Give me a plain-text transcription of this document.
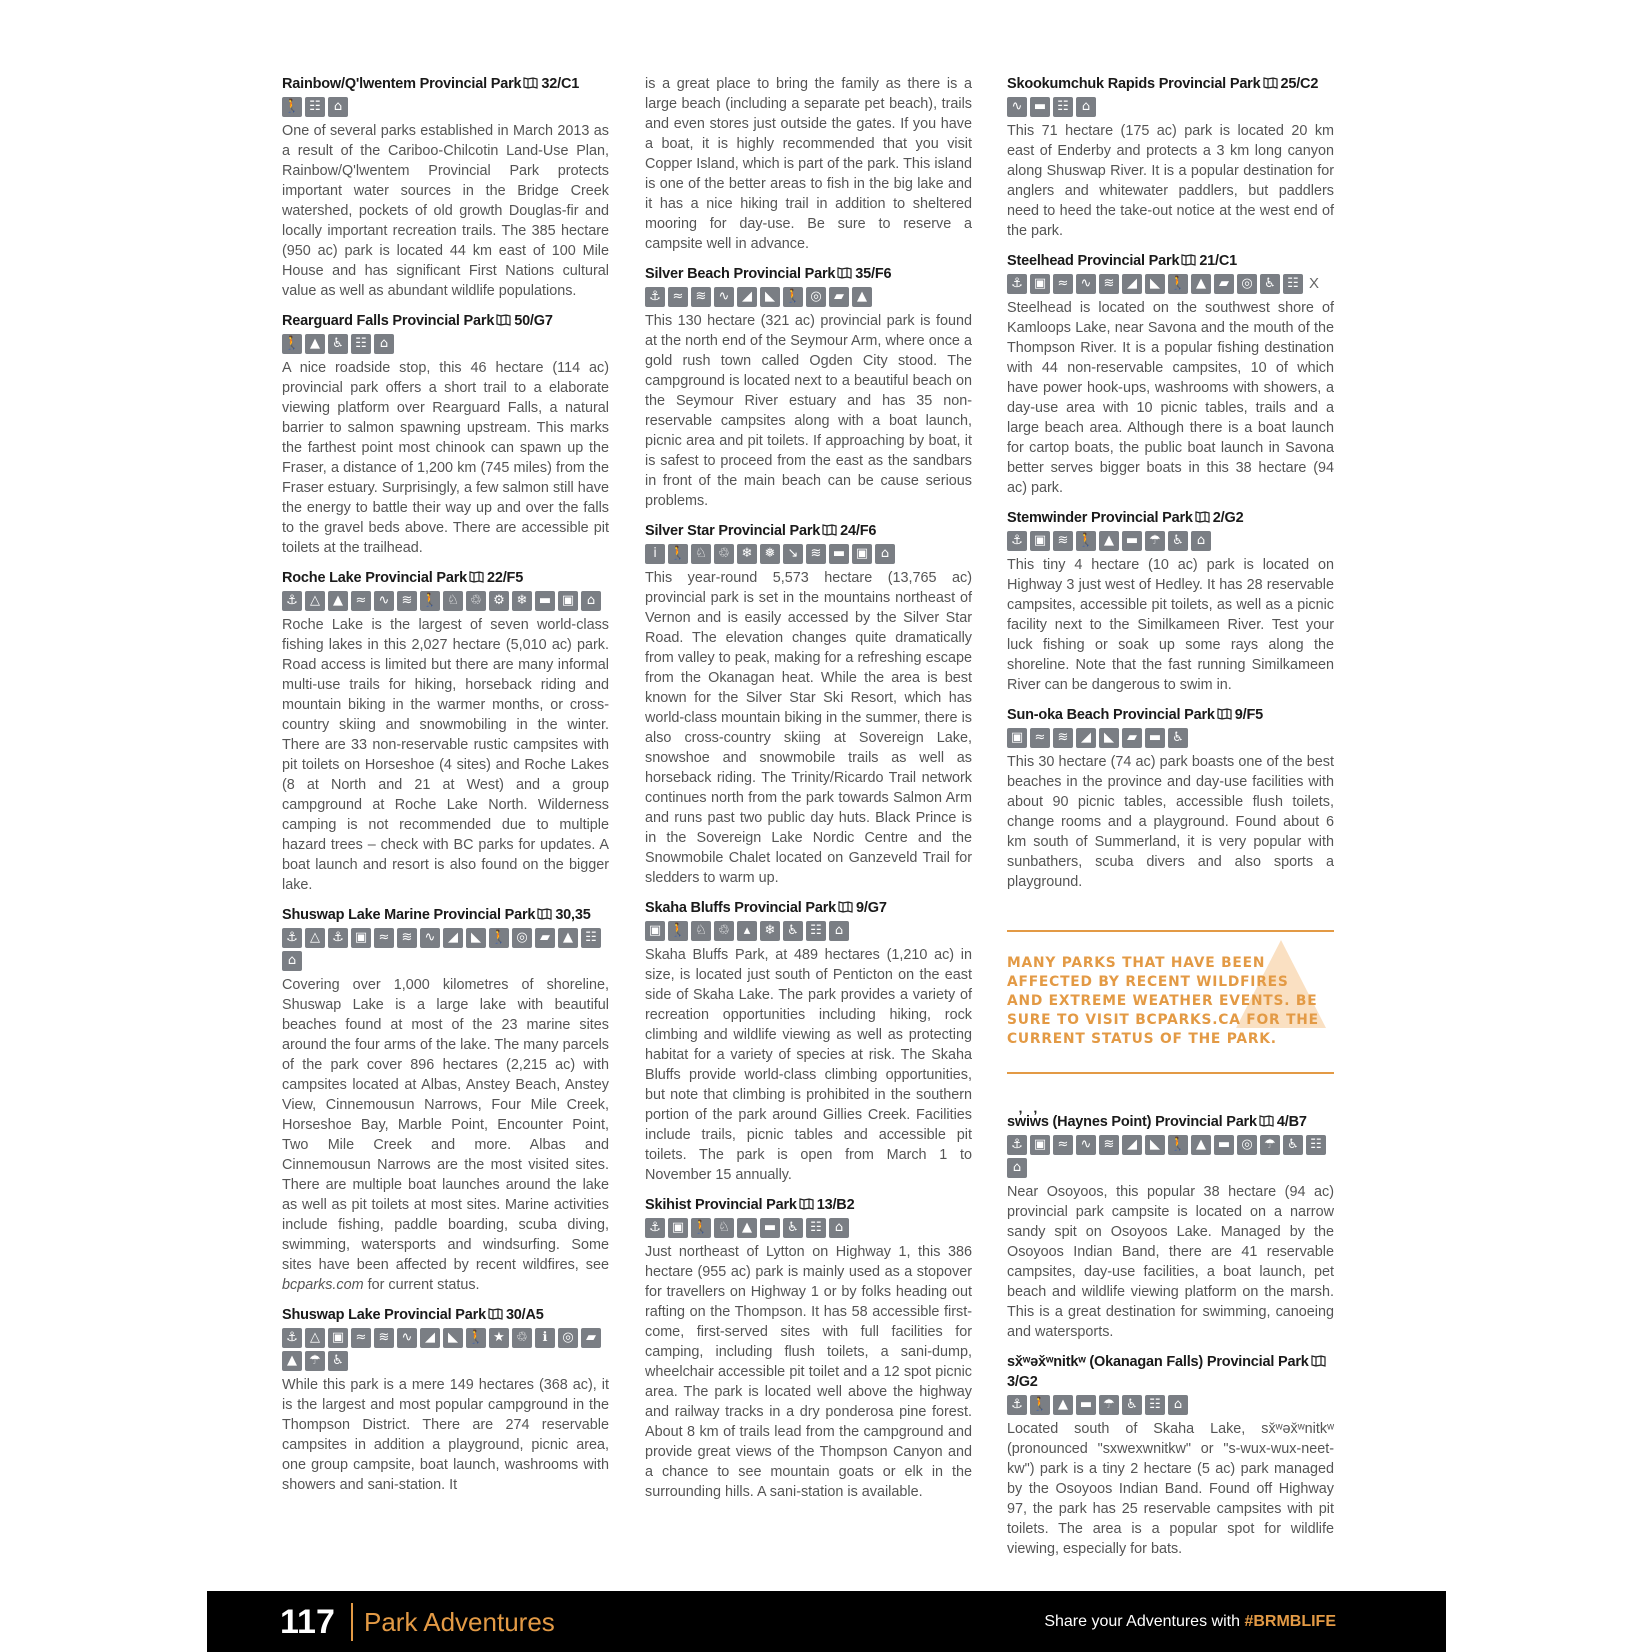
Rainbow/Q'lwentem Provincial Park 32/C1
🚶 ☷	⌂
One of several parks established in March 2013 as a result of the Cariboo-Chilcotin Land-Use Plan, Rainbow/Q'lwentem Provincial Park protects important water sources in the Bridge Creek watershed, pockets of old growth Douglas-fir and locally important recreation trails. The 385 hectare (950 ac) park is located 44 km east of 100 Mile House and has significant First Nations cultural value as well as abundant wildlife populations.
Rearguard Falls Provincial Park 50/G7
🚶 ▲ ♿ ☷	⌂
A nice roadside stop, this 46 hectare (114 ac) provincial park offers a short trail to a elaborate viewing platform over Rearguard Falls, a natural barrier to salmon spawning upstream. This marks the farthest point most chinook can spawn up the Fraser, a distance of 1,200 km (745 miles) from the Fraser estuary. Surprisingly, a few salmon still have the energy to battle their way up and over the falls to the gravel beds above. There are accessible pit toilets at the trailhead.
Roche Lake Provincial Park 22/F5
⚓ △	▲ ≈ ∿ ≋ 🚶 ♘ ♲ ⚙ ❄ ▬ ▣ ⌂
Roche Lake is the largest of seven world-class fishing lakes in this 2,027 hectare (5,010 ac) park. Road access is limited but there are many informal multi-use trails for hiking, horseback riding and mountain biking in the warmer months, or cross-country skiing and snowmobiling in the winter. There are 33 non-reservable rustic campsites with pit toilets on Horseshoe (4 sites) and Roche Lakes (8 at North and 21 at West) and a group campground at Roche Lake North. Wilderness camping is not recommended due to multiple hazard trees – check with BC parks for updates. A boat launch and resort is also found on the bigger lake.
Shuswap Lake Marine Provincial Park 30,35
⚓ △ ⚓ ▣ ≈ ≋ ∿ ◢	◣ 🚶 ◎ ▰	▲ ☷
⌂
Covering over 1,000 kilometres of shoreline, Shuswap Lake is a large lake with beautiful beaches found at most of the 23 marine sites around the four arms of the lake. The many parcels of the park cover 896 hectares (2,215 ac) with campsites located at Albas, Anstey Beach, Anstey View, Cinnemousun Narrows, Four Mile Creek, Horseshoe Bay, Marble Point, Encounter Point, Two Mile Creek and more. Albas and Cinnemousun Narrows are the most visited sites. There are multiple boat launches around the lake as well as pit toilets at most sites. Marine activities include fishing, paddle boarding, scuba diving, swimming, watersports and windsurfing. Some sites have been affected by recent wildfires, see bcparks.com for current status.
Shuswap Lake Provincial Park 30/A5
⚓ △ ▣ ≈ ≋ ∿ ◢	◣ 🚶 ★ ♲	ℹ	◎ ▰
▲ ☂ ♿
While this park is a mere 149 hectares (368 ac), it is the largest and most popular campground in the Thompson District. There are 274 reservable campsites in addition a playground, picnic area, one group campsite, boat launch, washrooms with showers and sani-station. It
is a great place to bring the family as there is a large beach (including a separate pet beach), trails and even stores just outside the gates. If you have a boat, it is highly recommended that you visit Copper Island, which is part of the park. This island is one of the better areas to fish in the big lake and it has a nice hiking trail in addition to sheltered mooring for day-use. Be sure to reserve a campsite well in advance.
Silver Beach Provincial Park 35/F6
⚓ ≈ ≋ ∿ ◢	◣ 🚶 ◎ ▰	▲
This 130 hectare (321 ac) provincial park is found at the north end of the Seymour Arm, where once a gold rush town called Ogden City stood. The campground is located next to a beautiful beach on the Seymour River estuary and has 35 non-reservable campsites along with a boat launch, picnic area and pit toilets. If approaching by boat, it is safest to proceed from the east as the sandbars in front of the main beach can be cause serious problems.
Silver Star Provincial Park 24/F6
i	🚶 ♘ ♲ ❄ ❅ ↘ ≋ ▬ ▣ ⌂
This year-round 5,573 hectare (13,765 ac) provincial park is set in the mountains northeast of Vernon and is easily accessed by the Silver Star Road. The elevation changes quite dramatically from valley to peak, making for a refreshing escape from the Okanagan heat. While the area is best known for the Silver Star Ski Resort, which has world-class mountain biking in the summer, there is also cross-country skiing at Sovereign Lake, snowshoe and snowmobile trails as well as horseback riding. The Trinity/Ricardo Trail network continues north from the park towards Salmon Arm and runs past two public day huts. Black Prince is in the Sovereign Lake Nordic Centre and the Snowmobile Chalet located on Ganzeveld Trail for sledders to warm up.
Skaha Bluffs Provincial Park 9/G7
▣ 🚶 ♘ ♲	▴	❄ ♿ ☷	⌂
Skaha Bluffs Park, at 489 hectares (1,210 ac) in size, is located just south of Penticton on the east side of Skaha Lake. The park provides a variety of recreation opportunities including hiking, rock climbing and wildlife viewing as well as protecting habitat for a variety of species at risk. The Skaha Bluffs provide world-class climbing opportunities, but note that climbing is prohibited in the southern portion of the park around Gillies Creek. Facilities include trails, picnic tables and accessible pit toilets. The park is open from March 1 to November 15 annually.
Skihist Provincial Park 13/B2
⚓ ▣ 🚶 ♘ ▲ ▬ ♿ ☷	⌂
Just northeast of Lytton on Highway 1, this 386 hectare (955 ac) park is mainly used as a stopover for travellers on Highway 1 or by folks heading out rafting on the Thompson. It has 58 accessible first-come, first-served sites with full facilities for camping, including flush toilets, a sani-dump, wheelchair accessible pit toilet and a 12 spot picnic area. The park is located well above the highway and railway tracks in a dry ponderosa pine forest. About 8 km of trails lead from the campground and provide great views of the Thompson Canyon and a chance to see mountain goats or elk in the surrounding hills. A sani-station is available.
Skookumchuk Rapids Provincial Park 25/C2
∿ ▬ ☷	⌂
This 71 hectare (175 ac) park is located 20 km east of Enderby and protects a 3 km long canyon along Shuswap River. It is a popular destination for anglers and whitewater paddlers, but paddlers need to heed the take-out notice at the west end of the park.
Steelhead Provincial Park 21/C1
⚓ ▣ ≈ ∿ ≋ ◢	◣ 🚶 ▲	▰ ◎ ♿ ☷ X
Steelhead is located on the southwest shore of Kamloops Lake, near Savona and the mouth of the Thompson River. It is a popular fishing destination with 44 non-reservable campsites, 10 of which have power hook-ups, washrooms with showers, a day-use area with 10 picnic tables, trails and a large beach area. Although there is a boat launch for cartop boats, the public boat launch in Savona better serves bigger boats in this 38 hectare (94 ac) park.
Stemwinder Provincial Park 2/G2
⚓ ▣ ≋ 🚶 ▲ ▬ ☂ ♿	⌂
This tiny 4 hectare (10 ac) park is located on Highway 3 just west of Hedley. It has 28 reservable campsites, accessible pit toilets, as well as a picnic facility next to the Similkameen River. Test your luck fishing or soak up some rays along the shoreline. Note that the fast running Similkameen River can be dangerous to swim in.
Sun-oka Beach Provincial Park 9/F5
▣ ≈ ≋ ◢	◣	▰ ▬ ♿
This 30 hectare (74 ac) park boasts one of the best beaches in the province and day-use facilities with about 90 picnic tables, accessible flush toilets, change rooms and a playground. Found about 6 km south of Summerland, it is very popular with sunbathers, scuba divers and also sports a playground.
MANY PARKS THAT HAVE BEEN AFFECTED BY RECENT WILDFIRES AND EXTREME WEATHER EVENTS. BE SURE TO VISIT BCPARKS.CA FOR THE CURRENT STATUS OF THE PARK.
sw̓iw̓s (Haynes Point) Provincial Park 4/B7
⚓ ▣ ≈ ∿ ≋ ◢	◣ 🚶 ▲ ▬ ◎ ☂ ♿ ☷
⌂
Near Osoyoos, this popular 38 hectare (94 ac) provincial park campsite is located on a narrow sandy spit on Osoyoos Lake. Managed by the Osoyoos Indian Band, there are 41 reservable campsites, day-use facilities, a boat launch, pet beach and wildlife viewing platform on the marsh. This is a great destination for swimming, canoeing and watersports.
sx̌ʷəx̌ʷnitkʷ (Okanagan Falls) Provincial Park3/G2
⚓ 🚶 ▲ ▬ ☂ ♿ ☷	⌂
Located south of Skaha Lake, sx̌ʷəx̌ʷnitkʷ (pronounced "sxwexwnitkw" or "s-wux-wux-neet-kw") park is a tiny 2 hectare (5 ac) park managed by the Osoyoos Indian Band. Found off Highway 97, the park has 25 reservable campsites with pit toilets. The area is a popular spot for wildlife viewing, especially for bats.
117 Park Adventures	Share your Adventures with #BRMBLIFE
